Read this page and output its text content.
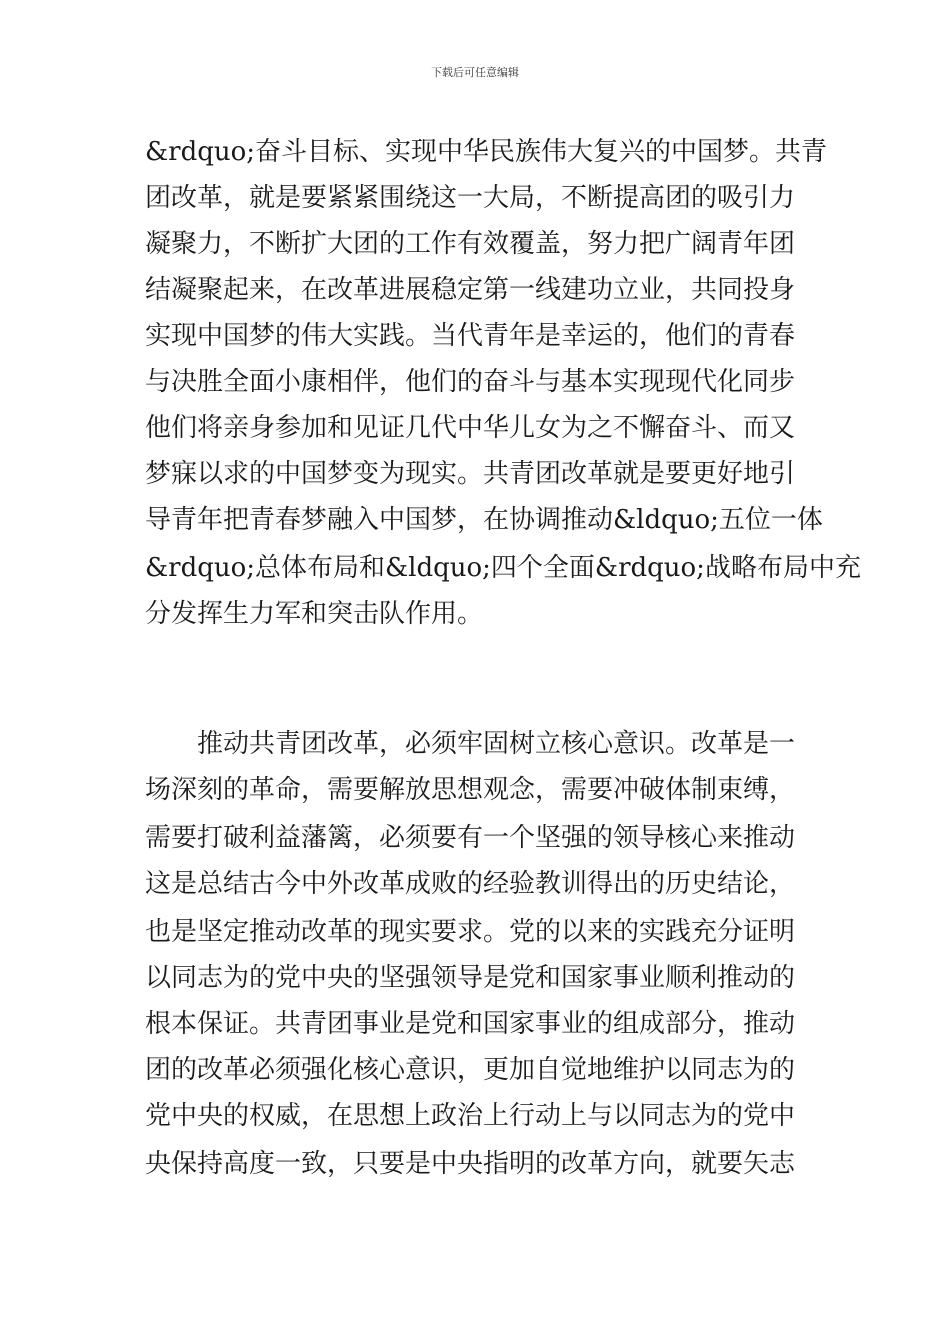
下载后可任意编辑
&rdquo;奋斗目标、实现中华民族伟大复兴的中国梦。共青
团改革，就是要紧紧围绕这一大局，不断提高团的吸引力
凝聚力，不断扩大团的工作有效覆盖，努力把广阔青年团
结凝聚起来，在改革进展稳定第一线建功立业，共同投身
实现中国梦的伟大实践。当代青年是幸运的，他们的青春
与决胜全面小康相伴，他们的奋斗与基本实现现代化同步
他们将亲身参加和见证几代中华儿女为之不懈奋斗、而又
梦寐以求的中国梦变为现实。共青团改革就是要更好地引
导青年把青春梦融入中国梦，在协调推动&ldquo;五位一体
&rdquo;总体布局和&ldquo;四个全面&rdquo;战略布局中充
分发挥生力军和突击队作用。
推动共青团改革，必须牢固树立核心意识。改革是一
场深刻的革命，需要解放思想观念，需要冲破体制束缚，
需要打破利益藩篱，必须要有一个坚强的领导核心来推动
这是总结古今中外改革成败的经验教训得出的历史结论，
也是坚定推动改革的现实要求。党的以来的实践充分证明
以同志为的党中央的坚强领导是党和国家事业顺利推动的
根本保证。共青团事业是党和国家事业的组成部分，推动
团的改革必须强化核心意识，更加自觉地维护以同志为的
党中央的权威，在思想上政治上行动上与以同志为的党中
央保持高度一致，只要是中央指明的改革方向，就要矢志
